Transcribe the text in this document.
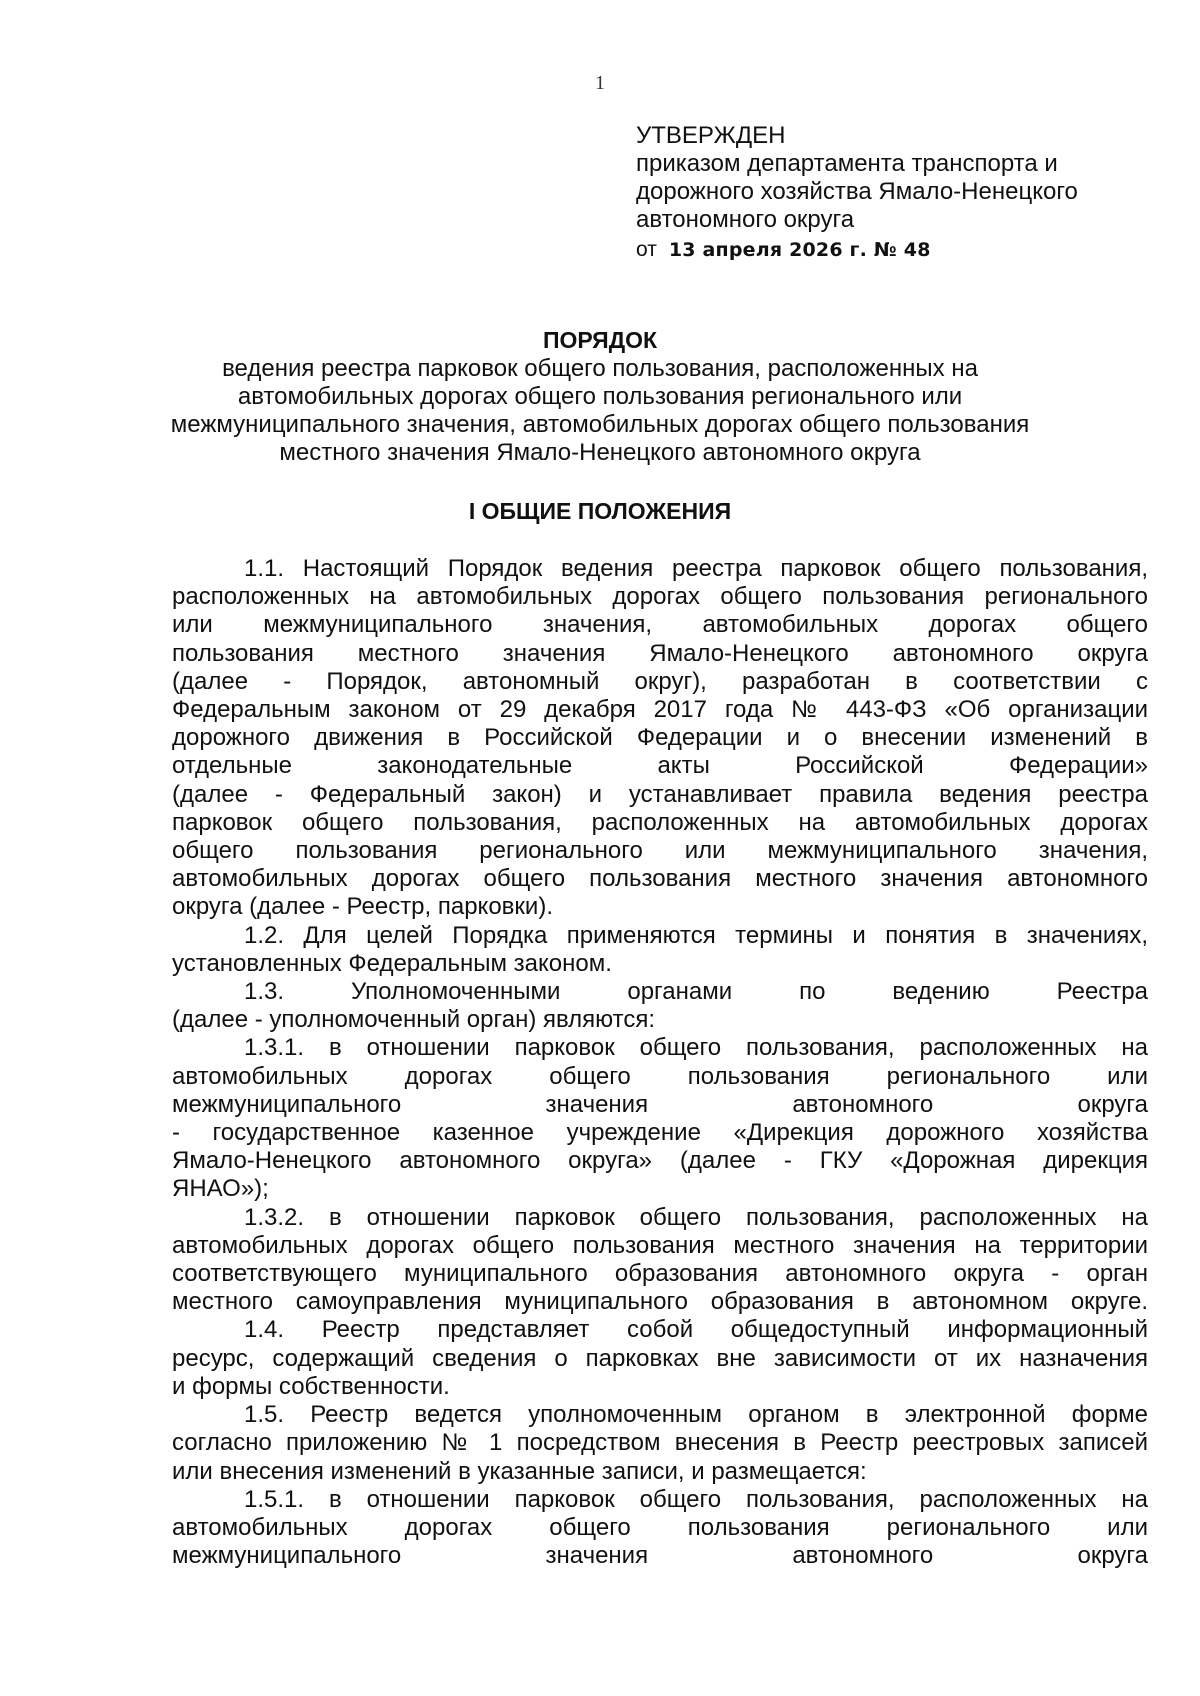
1
УТВЕРЖДЕН
приказом департамента транспорта и
дорожного хозяйства Ямало-Ненецкого
автономного округа
от 13 апреля 2026 г. № 48
ПОРЯДОК
ведения реестра парковок общего пользования, расположенных на
автомобильных дорогах общего пользования регионального или
межмуниципального значения, автомобильных дорогах общего пользования
местного значения Ямало-Ненецкого автономного округа
I ОБЩИЕ ПОЛОЖЕНИЯ
1.1. Настоящий Порядок ведения реестра парковок общего пользования,
расположенных на автомобильных дорогах общего пользования регионального
или межмуниципального значения, автомобильных дорогах общего
пользования местного значения Ямало-Ненецкого автономного округа
(далее - Порядок, автономный округ), разработан в соответствии с
Федеральным законом от 29 декабря 2017 года № 443-ФЗ «Об организации
дорожного движения в Российской Федерации и о внесении изменений в
отдельные законодательные акты Российской Федерации»
(далее - Федеральный закон) и устанавливает правила ведения реестра
парковок общего пользования, расположенных на автомобильных дорогах
общего пользования регионального или межмуниципального значения,
автомобильных дорогах общего пользования местного значения автономного
округа (далее - Реестр, парковки).
1.2. Для целей Порядка применяются термины и понятия в значениях,
установленных Федеральным законом.
1.3. Уполномоченными органами по ведению Реестра
(далее - уполномоченный орган) являются:
1.3.1. в отношении парковок общего пользования, расположенных на
автомобильных дорогах общего пользования регионального или
межмуниципального значения автономного округа
- государственное казенное учреждение «Дирекция дорожного хозяйства
Ямало-Ненецкого автономного округа» (далее - ГКУ «Дорожная дирекция
ЯНАО»);
1.3.2. в отношении парковок общего пользования, расположенных на
автомобильных дорогах общего пользования местного значения на территории
соответствующего муниципального образования автономного округа - орган
местного самоуправления муниципального образования в автономном округе.
1.4. Реестр представляет собой общедоступный информационный
ресурс, содержащий сведения о парковках вне зависимости от их назначения
и формы собственности.
1.5. Реестр ведется уполномоченным органом в электронной форме
согласно приложению № 1 посредством внесения в Реестр реестровых записей
или внесения изменений в указанные записи, и размещается:
1.5.1. в отношении парковок общего пользования, расположенных на
автомобильных дорогах общего пользования регионального или
межмуниципального значения автономного округа
